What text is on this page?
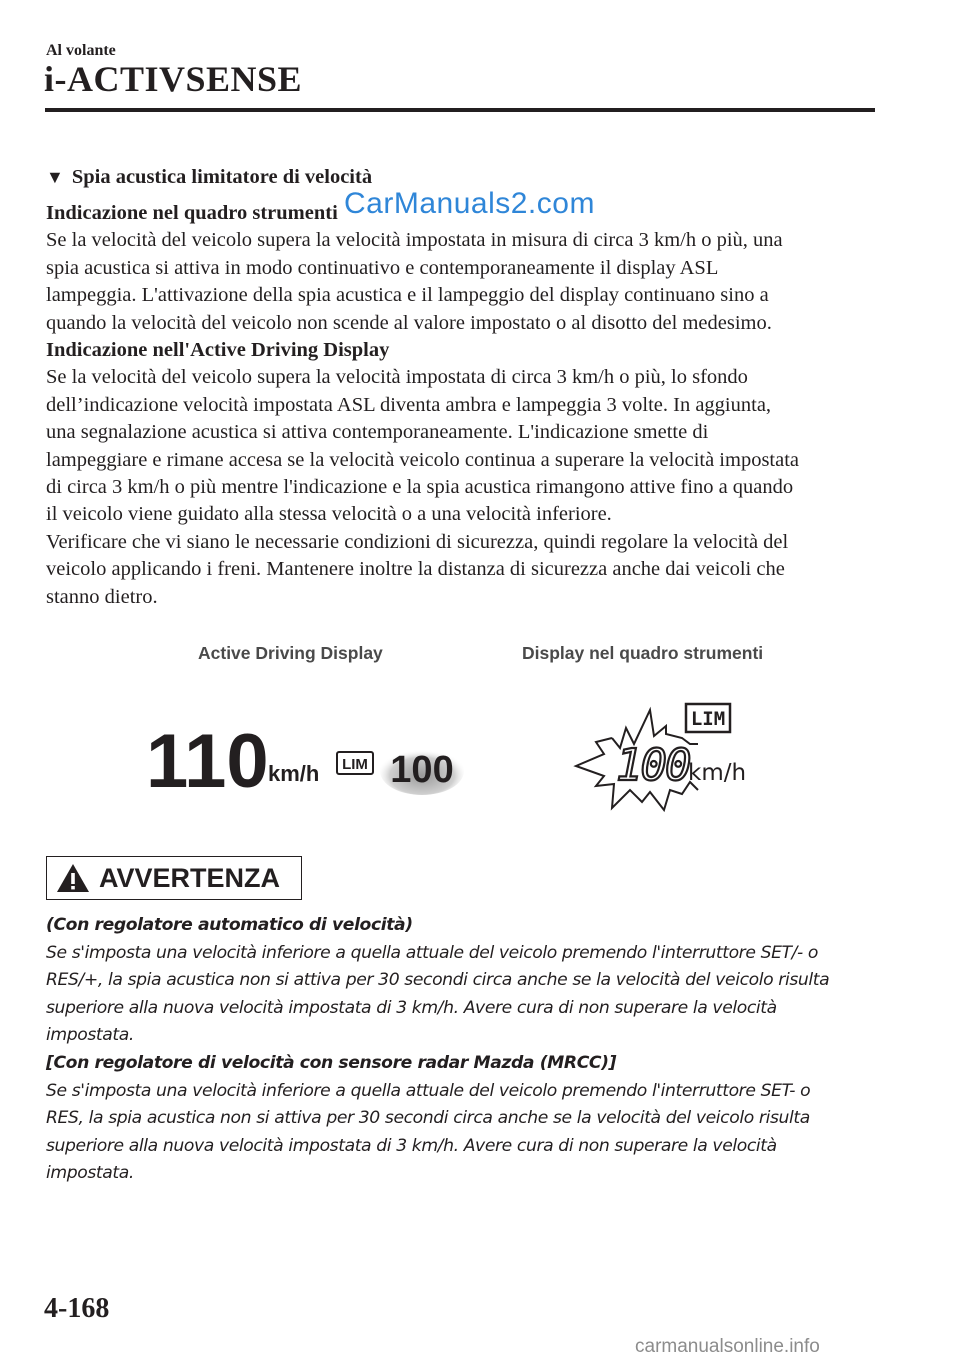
Al volante
i-ACTIVSENSE
▼ Spia acustica limitatore di velocità

Indicazione nel quadro strumenti

Se la velocità del veicolo supera la velocità impostata in misura di circa 3 km/h o più, una

spia acustica si attiva in modo continuativo e contemporaneamente il display ASL

lampeggia. L'attivazione della spia acustica e il lampeggio del display continuano sino a

quando la velocità del veicolo non scende al valore impostato o al disotto del medesimo.

Indicazione nell'Active Driving Display

Se la velocità del veicolo supera la velocità impostata di circa 3 km/h o più, lo sfondo

dell’indicazione velocità impostata ASL diventa ambra e lampeggia 3 volte. In aggiunta,

una segnalazione acustica si attiva contemporaneamente. L'indicazione smette di

lampeggiare e rimane accesa se la velocità veicolo continua a superare la velocità impostata

di circa 3 km/h o più mentre l'indicazione e la spia acustica rimangono attive fino a quando

il veicolo viene guidato alla stessa velocità o a una velocità inferiore.

Verificare che vi siano le necessarie condizioni di sicurezza, quindi regolare la velocità del

veicolo applicando i freni. Mantenere inoltre la distanza di sicurezza anche dai veicoli che

stanno dietro.

CarManuals2.com
Active Driving Display	Display nel quadro strumenti
110 km/h LIM 100
LIM
100
km/h
AVVERTENZA

(Con regolatore automatico di velocità)

Se s'imposta una velocità inferiore a quella attuale del veicolo premendo l'interruttore SET/- o

RES/+, la spia acustica non si attiva per 30 secondi circa anche se la velocità del veicolo risulta

superiore alla nuova velocità impostata di 3 km/h. Avere cura di non superare la velocità

impostata.

[Con regolatore di velocità con sensore radar Mazda (MRCC)]

Se s'imposta una velocità inferiore a quella attuale del veicolo premendo l'interruttore SET- o

RES, la spia acustica non si attiva per 30 secondi circa anche se la velocità del veicolo risulta

superiore alla nuova velocità impostata di 3 km/h. Avere cura di non superare la velocità

impostata.

4-168
carmanualsonline.info
